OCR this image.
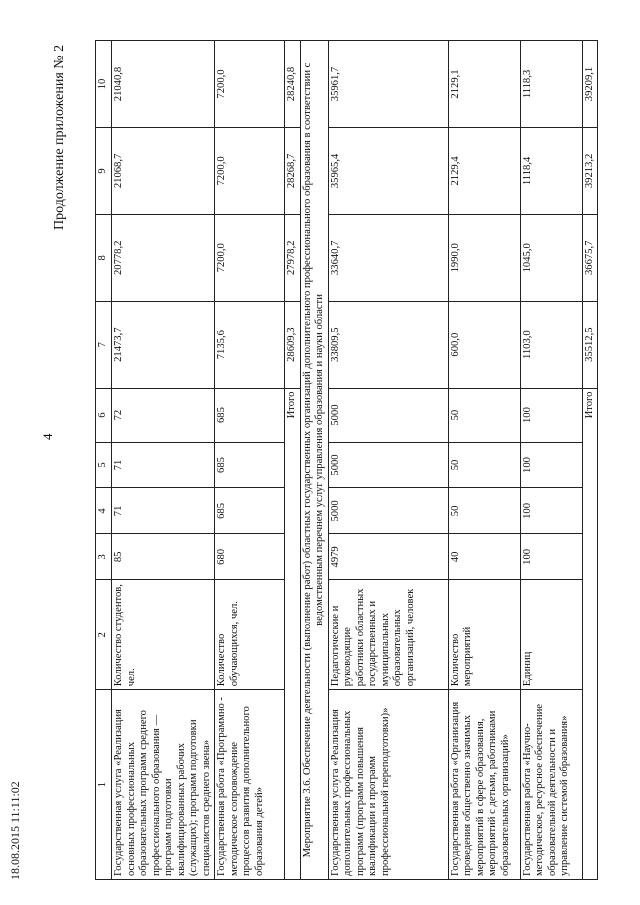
4
Продолжение приложения № 2
18.08.2015 11:11:02	1	2	3	4	5	6	7	8	9	10
Государственная услуга «Реализация основных профессиональных образовательных программ среднего профессионального образования — программ подготовки квалифицированных рабочих (служащих); программ подготовки специалистов среднего звена»	Количество студентов, чел.	85	71	71	72	21473,7	20778,2	21068,7	21040,8
Государственная работа «Программно - методическое сопровождение процессов развития дополнительного образования детей»	Количество обучающихся, чел.	680	685	685	685	7135,6	7200,0	7200,0	7200,0
Итого						28609,3	27978,2	28268,7	28240,8
Мероприятие 3.6. Обеспечение деятельности (выполнение работ) областных государственных организаций дополнительного профессионального образования в соответствии с ведомственным перечнем услуг управления образования и науки области									
Государственная услуга «Реализация дополнительных профессиональных программ (программ повышения квалификации и программ профессиональной переподготовки)»	Педагогические и руководящие работники областных государственных и муниципальных образовательных организаций, человек	4979	5000	5000	5000	33809,5	33640,7	35965,4	35961,7
Государственная работа «Организация проведения общественно значимых мероприятий в сфере образования, мероприятий с детьми, работниками образовательных организаций»	Количество мероприятий	40	50	50	50	600,0	1990,0	2129,4	2129,1
Государственная работа «Научно-методическое, ресурсное обеспечение образовательной деятельности и управление системой образования»	Единиц	100	100	100	100	1103,0	1045,0	1118,4	1118,3
Итого						35512,5	36675,7	39213,2	39209,1
